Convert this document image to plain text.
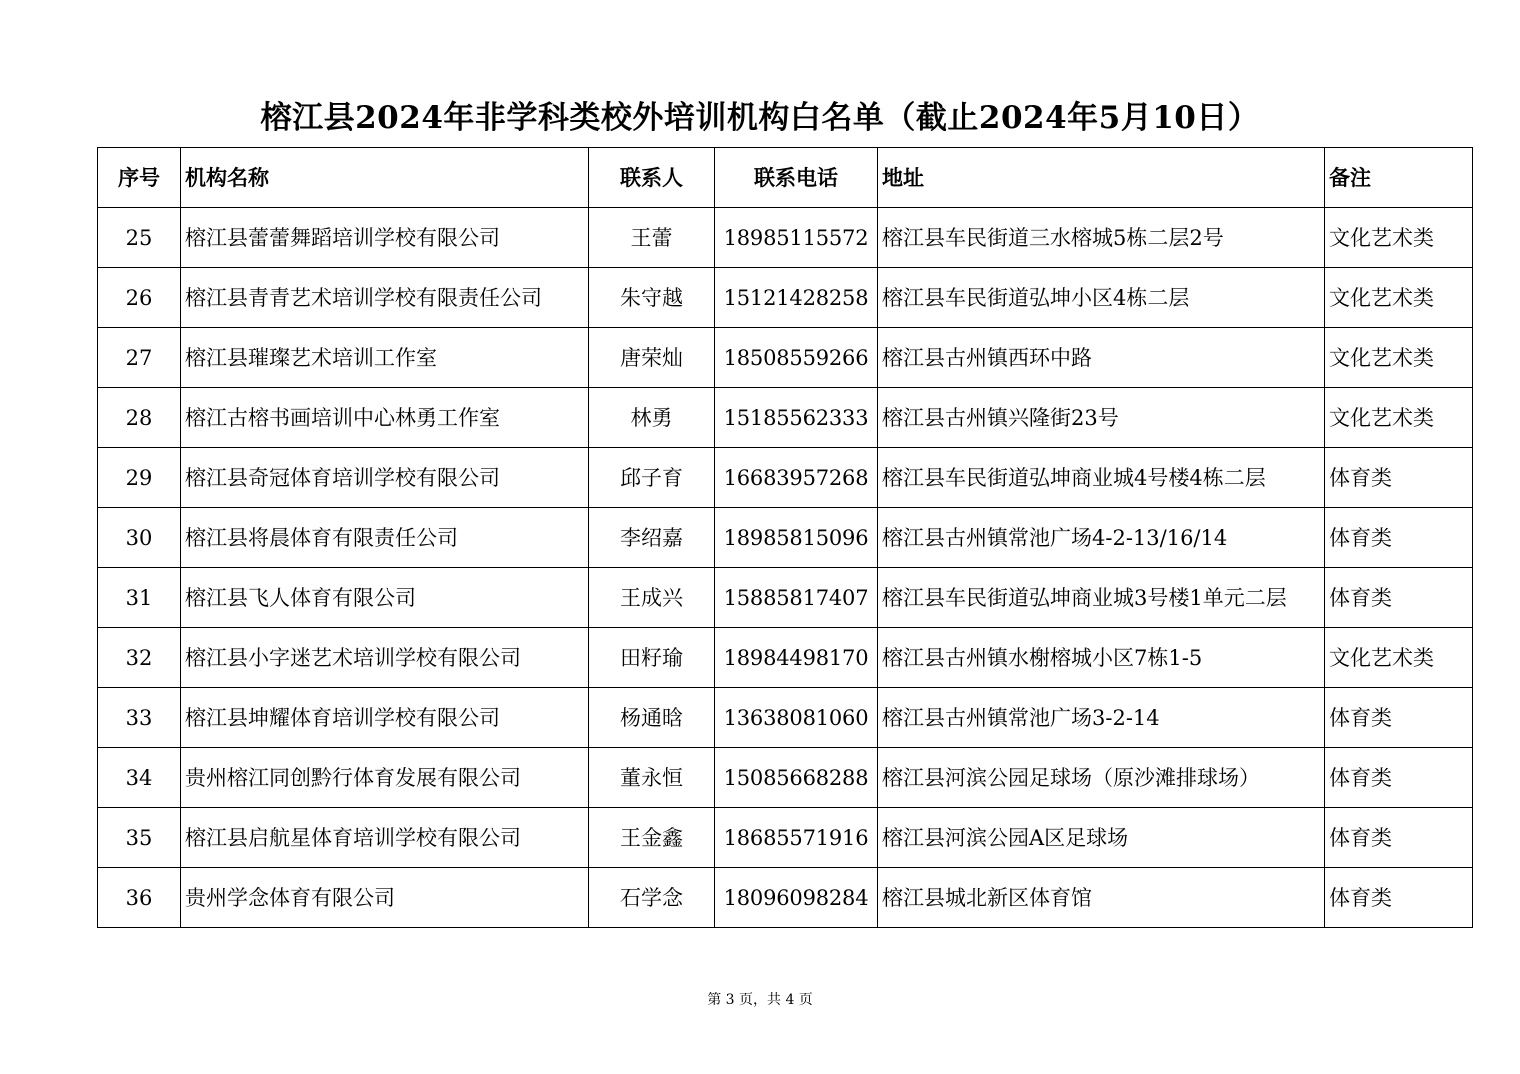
榕江县2024年非学科类校外培训机构白名单（截止2024年5月10日）
序号	机构名称	联系人	联系电话	地址	备注
25	榕江县蕾蕾舞蹈培训学校有限公司	王蕾	18985115572	榕江县车民街道三水榕城5栋二层2号	文化艺术类
26	榕江县青青艺术培训学校有限责任公司	朱守越	15121428258	榕江县车民街道弘坤小区4栋二层	文化艺术类
27	榕江县璀璨艺术培训工作室	唐荣灿	18508559266	榕江县古州镇西环中路	文化艺术类
28	榕江古榕书画培训中心林勇工作室	林勇	15185562333	榕江县古州镇兴隆街23号	文化艺术类
29	榕江县奇冠体育培训学校有限公司	邱子育	16683957268	榕江县车民街道弘坤商业城4号楼4栋二层	体育类
30	榕江县将晨体育有限责任公司	李绍嘉	18985815096	榕江县古州镇常池广场4-2-13/16/14	体育类
31	榕江县飞人体育有限公司	王成兴	15885817407	榕江县车民街道弘坤商业城3号楼1单元二层	体育类
32	榕江县小字迷艺术培训学校有限公司	田籽瑜	18984498170	榕江县古州镇水榭榕城小区7栋1-5	文化艺术类
33	榕江县坤耀体育培训学校有限公司	杨通晗	13638081060	榕江县古州镇常池广场3-2-14	体育类
34	贵州榕江同创黔行体育发展有限公司	董永恒	15085668288	榕江县河滨公园足球场（原沙滩排球场）	体育类
35	榕江县启航星体育培训学校有限公司	王金鑫	18685571916	榕江县河滨公园A区足球场	体育类
36	贵州学念体育有限公司	石学念	18096098284	榕江县城北新区体育馆	体育类
第 3 页，共 4 页
